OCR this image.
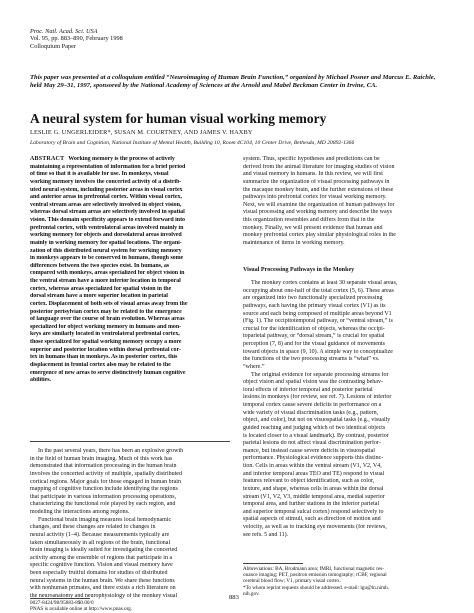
Proc. Natl. Acad. Sci. USA
Vol. 95, pp. 883–890, February 1998
Colloquium Paper
This paper was presented at a colloquium entitled “Neuroimaging of Human Brain Function,” organized by Michael Posner and Marcus E. Raichle, held May 29–31, 1997, sponsored by the National Academy of Sciences at the Arnold and Mabel Beckman Center in Irvine, CA.
A neural system for human visual working memory
LESLIE G. UNGERLEIDER*, SUSAN M. COURTNEY, AND JAMES V. HAXBY
Laboratory of Brain and Cognition, National Institute of Mental Health, Building 10, Room 4C104, 10 Center Drive, Bethesda, MD 20892-1366
ABSTRACT Working memory is the process of actively
maintaining a representation of information for a brief period
of time so that it is available for use. In monkeys, visual
working memory involves the concerted activity of a distrib-
uted neural system, including posterior areas in visual cortex
and anterior areas in prefrontal cortex. Within visual cortex,
ventral stream areas are selectively involved in object vision,
whereas dorsal stream areas are selectively involved in spatial
vision. This domain specificity appears to extend forward into
prefrontal cortex, with ventrolateral areas involved mainly in
working memory for objects and dorsolateral areas involved
mainly in working memory for spatial locations. The organi-
zation of this distributed neural system for working memory
in monkeys appears to be conserved in humans, though some
differences between the two species exist. In humans, as
compared with monkeys, areas specialized for object vision in
the ventral stream have a more inferior location in temporal
cortex, whereas areas specialized for spatial vision in the
dorsal stream have a more superior location in parietal
cortex. Displacement of both sets of visual areas away from the
posterior perisylvian cortex may be related to the emergence
of language over the course of brain evolution. Whereas areas
specialized for object working memory in humans and mon-
keys are similarly located in ventrolateral prefrontal cortex,
those specialized for spatial working memory occupy a more
superior and posterior location within dorsal prefrontal cor-
tex in humans than in monkeys. As in posterior cortex, this
displacement in frontal cortex also may be related to the
emergence of new areas to serve distinctively human cognitive
abilities.
In the past several years, there has been an explosive growth
in the field of human brain imaging. Much of this work has
demonstrated that information processing in the human brain
involves the concerted activity of multiple, spatially distributed
cortical regions. Major goals for those engaged in human brain
mapping of cognitive function include identifying the regions
that participate in various information processing operations,
characterizing the functional role played by each region, and
modeling the interactions among regions.
Functional brain imaging measures local hemodynamic
changes, and these changes are related to changes in
neural activity (1–4). Because measurements typically are
taken simultaneously in all regions of the brain, functional
brain imaging is ideally suited for investigating the concerted
activity among the ensemble of regions that participate in a
specific cognitive function. Vision and visual memory have
been especially fruitful domains for studies of distributed
neural systems in the human brain. We share these functions
with nonhuman primates, and there exists a rich literature on
the neuroanatomy and neurophysiology of the monkey visual
system. Thus, specific hypotheses and predictions can be
derived from the animal literature for imaging studies of vision
and visual memory in humans. In this review, we will first
summarize the organization of visual processing pathways in
the macaque monkey brain, and the further extensions of these
pathways into prefrontal cortex for visual working memory.
Next, we will examine the organization of human pathways for
visual processing and working memory and describe the ways
this organization resembles and differs from that in the
monkey. Finally, we will present evidence that human and
monkey prefrontal cortex play similar physiological roles in the
maintenance of items in working memory.
Visual Processing Pathways in the Monkey
The monkey cortex contains at least 30 separate visual areas,
occupying about one-half of the total cortex (5, 6). These areas
are organized into two functionally specialized processing
pathways, each having the primary visual cortex (V1) as its
source and each being composed of multiple areas beyond V1
(Fig. 1). The occipitotemporal pathway, or “ventral stream,” is
crucial for the identification of objects, whereas the occipi-
toparietal pathway, or “dorsal stream,” is crucial for spatial
perception (7, 8) and for the visual guidance of movements
toward objects in space (9, 10). A simple way to conceptualize
the functions of the two processing streams is “what” vs.
“where.”
The original evidence for separate processing streams for
object vision and spatial vision was the contrasting behav-
ioral effects of inferior temporal and posterior parietal
lesions in monkeys (for review, see ref. 7). Lesions of inferior
temporal cortex cause severe deficits in performance on a
wide variety of visual discrimination tasks (e.g., pattern,
object, and color), but not on visuospatial tasks (e.g., visually
guided reaching and judging which of two identical objects
is located closer to a visual landmark). By contrast, posterior
parietal lesions do not affect visual discrimination perfor-
mance, but instead cause severe deficits in visuospatial
performance. Physiological evidence supports this distinc-
tion. Cells in areas within the ventral stream (V1, V2, V4,
and inferior temporal areas TEO and TE) respond to visual
features relevant to object identification, such as color,
texture, and shape, whereas cells in areas within the dorsal
stream (V1, V2, V3, middle temporal area, medial superior
temporal area, and further stations in the inferior parietal
and superior temporal sulcal cortex) respond selectively to
spatial aspects of stimuli, such as direction of motion and
velocity, as well as to tracking eye movements (for reviews,
see refs. 5 and 11).
0027-8424/98/95883-8$0.00/0
PNAS is available online at http://www.pnas.org.
Abbreviations: BA, Brodmann area; fMRI, functional magnetic res-
onance imaging; PET, positron emission tomography; rCBF, regional
cerebral blood flow; V1, primary visual cortex.
*To whom reprint requests should be addressed. e-mail: lgu@ln.nimh.
nih.gov.
883
